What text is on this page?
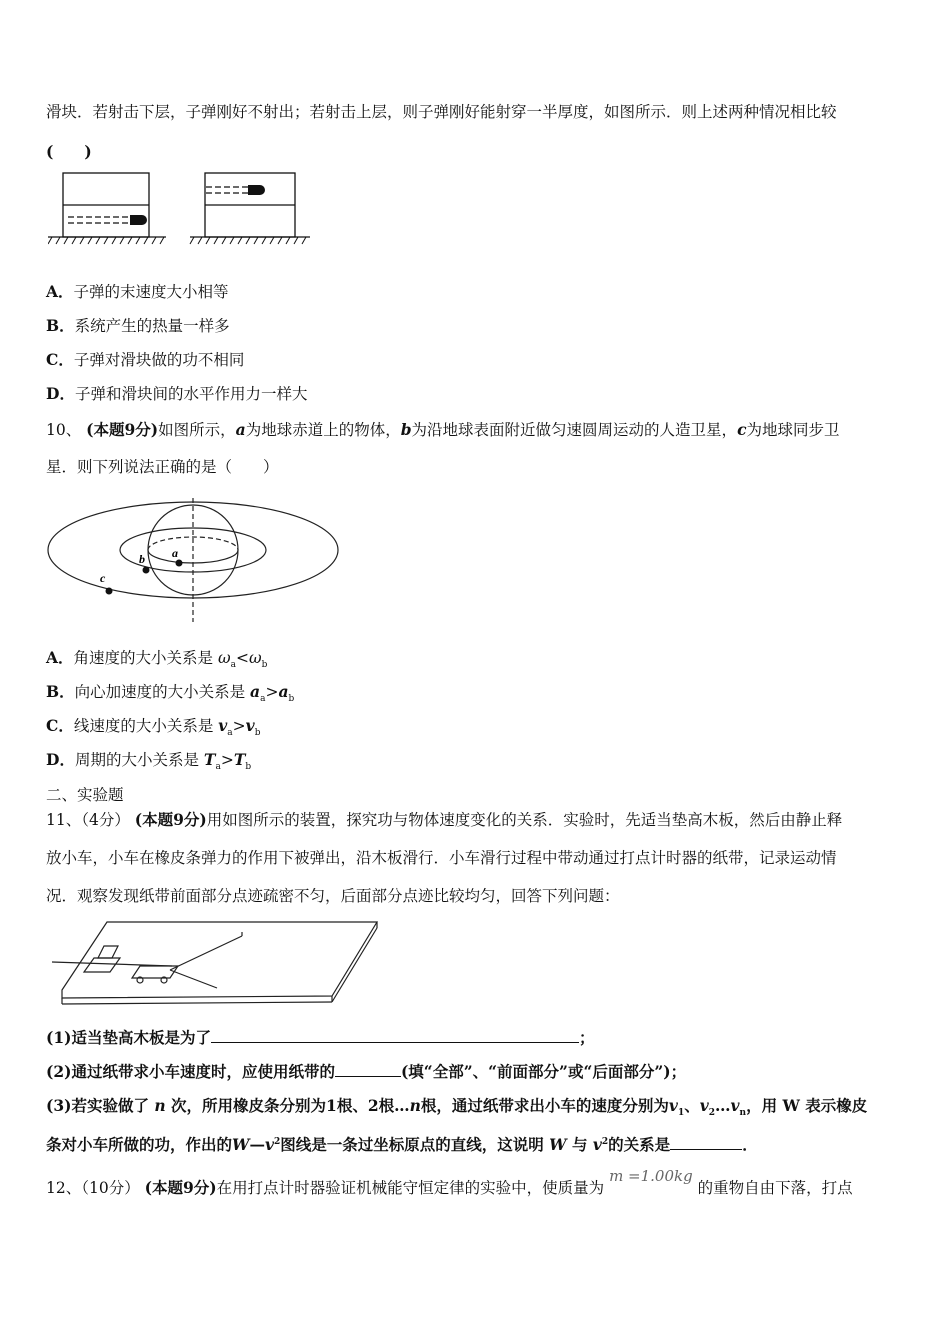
滑块．若射击下层，子弹刚好不射出；若射击上层，则子弹刚好能射穿一半厚度，如图所示．则上述两种情况相比较
(　　)
A．子弹的末速度大小相等
B．系统产生的热量一样多
C．子弹对滑块做的功不相同
D．子弹和滑块间的水平作用力一样大
10、 (本题9分)如图所示，a为地球赤道上的物体，b为沿地球表面附近做匀速圆周运动的人造卫星，c为地球同步卫
星．则下列说法正确的是（　　）
b a
c
A．角速度的大小关系是 $\omega_a<\omega_b$
B．向心加速度的大小关系是 $a_a>a_b$
C．线速度的大小关系是 $v_a>v_b$
D．周期的大小关系是 $T_a>T_b$
二、实验题
11、（4分） (本题9分)用如图所示的装置，探究功与物体速度变化的关系．实验时，先适当垫高木板，然后由静止释
放小车，小车在橡皮条弹力的作用下被弹出，沿木板滑行．小车滑行过程中带动通过打点计时器的纸带，记录运动情
况．观察发现纸带前面部分点迹疏密不匀，后面部分点迹比较均匀，回答下列问题：
(1)适当垫高木板是为了	；
(2)通过纸带求小车速度时，应使用纸带的	(填“全部”、“前面部分”或“后面部分”)；
(3)若实验做了 n 次，所用橡皮条分别为1根、2根…n根，通过纸带求出小车的速度分别为$v_1$、$v_2\dots v_n$，用 W 表示橡皮
条对小车所做的功，作出的$W—v^2$图线是一条过坐标原点的直线，这说明 W 与 $v^2$的关系是	．
12、（10分） (本题9分)在用打点计时器验证机械能守恒定律的实验中，使质量为 m =1.00kg 的重物自由下落，打点
